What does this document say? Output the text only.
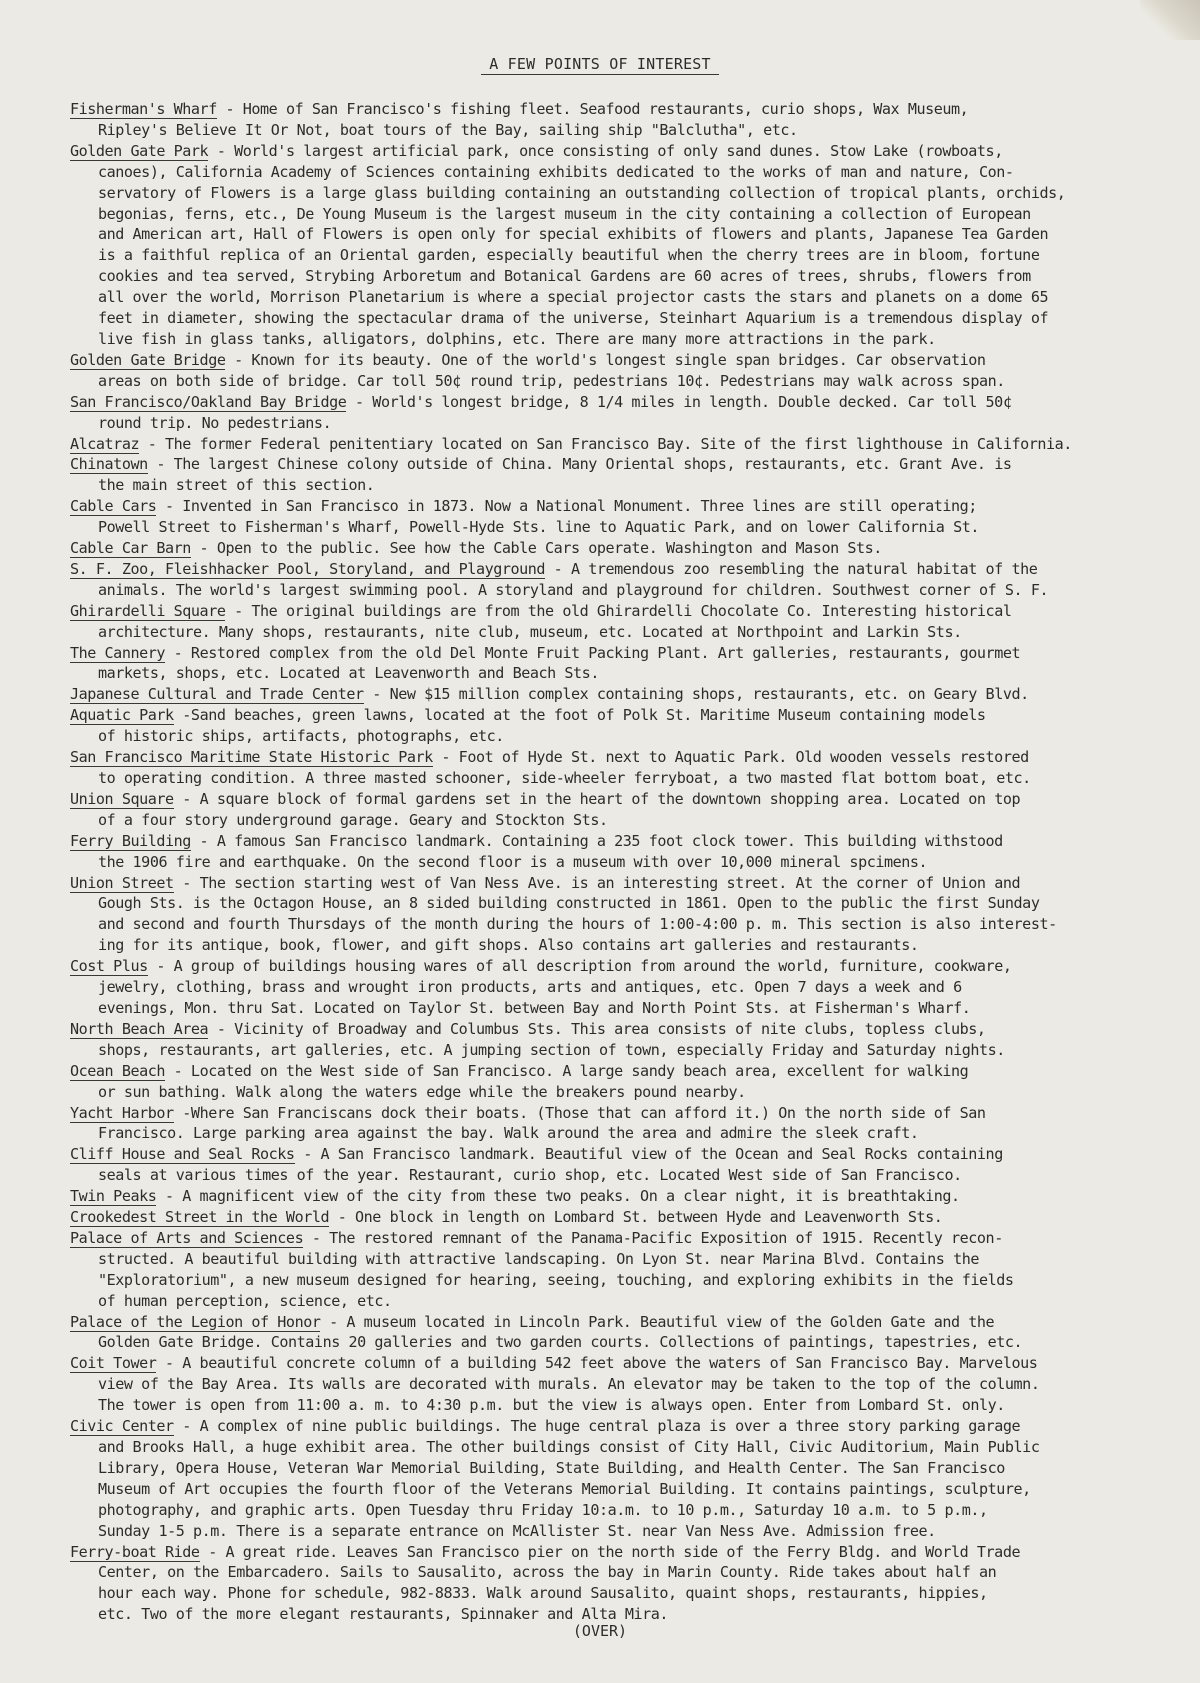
A FEW POINTS OF INTEREST

Fisherman's Wharf - Home of San Francisco's fishing fleet. Seafood restaurants, curio shops, Wax Museum,
Ripley's Believe It Or Not, boat tours of the Bay, sailing ship "Balclutha", etc.

Golden Gate Park - World's largest artificial park, once consisting of only sand dunes. Stow Lake (rowboats,
canoes), California Academy of Sciences containing exhibits dedicated to the works of man and nature, Con-
servatory of Flowers is a large glass building containing an outstanding collection of tropical plants, orchids,
begonias, ferns, etc., De Young Museum is the largest museum in the city containing a collection of European
and American art, Hall of Flowers is open only for special exhibits of flowers and plants, Japanese Tea Garden
is a faithful replica of an Oriental garden, especially beautiful when the cherry trees are in bloom, fortune
cookies and tea served, Strybing Arboretum and Botanical Gardens are 60 acres of trees, shrubs, flowers from
all over the world, Morrison Planetarium is where a special projector casts the stars and planets on a dome 65
feet in diameter, showing the spectacular drama of the universe, Steinhart Aquarium is a tremendous display of
live fish in glass tanks, alligators, dolphins, etc. There are many more attractions in the park.

Golden Gate Bridge - Known for its beauty. One of the world's longest single span bridges. Car observation
areas on both side of bridge. Car toll 50¢ round trip, pedestrians 10¢. Pedestrians may walk across span.

San Francisco/Oakland Bay Bridge - World's longest bridge, 8 1/4 miles in length. Double decked. Car toll 50¢
round trip. No pedestrians.

Alcatraz - The former Federal penitentiary located on San Francisco Bay. Site of the first lighthouse in California.

Chinatown - The largest Chinese colony outside of China. Many Oriental shops, restaurants, etc. Grant Ave. is
the main street of this section.

Cable Cars - Invented in San Francisco in 1873. Now a National Monument. Three lines are still operating;
Powell Street to Fisherman's Wharf, Powell-Hyde Sts. line to Aquatic Park, and on lower California St.

Cable Car Barn - Open to the public. See how the Cable Cars operate. Washington and Mason Sts.

S. F. Zoo, Fleishhacker Pool, Storyland, and Playground - A tremendous zoo resembling the natural habitat of the
animals. The world's largest swimming pool. A storyland and playground for children. Southwest corner of S. F.

Ghirardelli Square - The original buildings are from the old Ghirardelli Chocolate Co. Interesting historical
architecture. Many shops, restaurants, nite club, museum, etc. Located at Northpoint and Larkin Sts.

The Cannery - Restored complex from the old Del Monte Fruit Packing Plant. Art galleries, restaurants, gourmet
markets, shops, etc. Located at Leavenworth and Beach Sts.

Japanese Cultural and Trade Center - New $15 million complex containing shops, restaurants, etc. on Geary Blvd.

Aquatic Park -Sand beaches, green lawns, located at the foot of Polk St. Maritime Museum containing models
of historic ships, artifacts, photographs, etc.

San Francisco Maritime State Historic Park - Foot of Hyde St. next to Aquatic Park. Old wooden vessels restored
to operating condition. A three masted schooner, side-wheeler ferryboat, a two masted flat bottom boat, etc.

Union Square - A square block of formal gardens set in the heart of the downtown shopping area. Located on top
of a four story underground garage. Geary and Stockton Sts.

Ferry Building - A famous San Francisco landmark. Containing a 235 foot clock tower. This building withstood
the 1906 fire and earthquake. On the second floor is a museum with over 10,000 mineral spcimens.

Union Street - The section starting west of Van Ness Ave. is an interesting street. At the corner of Union and
Gough Sts. is the Octagon House, an 8 sided building constructed in 1861. Open to the public the first Sunday
and second and fourth Thursdays of the month during the hours of 1:00-4:00 p. m. This section is also interest-
ing for its antique, book, flower, and gift shops. Also contains art galleries and restaurants.

Cost Plus - A group of buildings housing wares of all description from around the world, furniture, cookware,
jewelry, clothing, brass and wrought iron products, arts and antiques, etc. Open 7 days a week and 6
evenings, Mon. thru Sat. Located on Taylor St. between Bay and North Point Sts. at Fisherman's Wharf.

North Beach Area - Vicinity of Broadway and Columbus Sts. This area consists of nite clubs, topless clubs,
shops, restaurants, art galleries, etc. A jumping section of town, especially Friday and Saturday nights.

Ocean Beach - Located on the West side of San Francisco. A large sandy beach area, excellent for walking
or sun bathing. Walk along the waters edge while the breakers pound nearby.

Yacht Harbor -Where San Franciscans dock their boats. (Those that can afford it.) On the north side of San
Francisco. Large parking area against the bay. Walk around the area and admire the sleek craft.

Cliff House and Seal Rocks - A San Francisco landmark. Beautiful view of the Ocean and Seal Rocks containing
seals at various times of the year. Restaurant, curio shop, etc. Located West side of San Francisco.

Twin Peaks - A magnificent view of the city from these two peaks. On a clear night, it is breathtaking.

Crookedest Street in the World - One block in length on Lombard St. between Hyde and Leavenworth Sts.

Palace of Arts and Sciences - The restored remnant of the Panama-Pacific Exposition of 1915. Recently recon-
structed. A beautiful building with attractive landscaping. On Lyon St. near Marina Blvd. Contains the
"Exploratorium", a new museum designed for hearing, seeing, touching, and exploring exhibits in the fields
of human perception, science, etc.

Palace of the Legion of Honor - A museum located in Lincoln Park. Beautiful view of the Golden Gate and the
Golden Gate Bridge. Contains 20 galleries and two garden courts. Collections of paintings, tapestries, etc.

Coit Tower - A beautiful concrete column of a building 542 feet above the waters of San Francisco Bay. Marvelous
view of the Bay Area. Its walls are decorated with murals. An elevator may be taken to the top of the column.
The tower is open from 11:00 a. m. to 4:30 p.m. but the view is always open. Enter from Lombard St. only.

Civic Center - A complex of nine public buildings. The huge central plaza is over a three story parking garage
and Brooks Hall, a huge exhibit area. The other buildings consist of City Hall, Civic Auditorium, Main Public
Library, Opera House, Veteran War Memorial Building, State Building, and Health Center. The San Francisco
Museum of Art occupies the fourth floor of the Veterans Memorial Building. It contains paintings, sculpture,
photography, and graphic arts. Open Tuesday thru Friday 10:a.m. to 10 p.m., Saturday 10 a.m. to 5 p.m.,
Sunday 1-5 p.m. There is a separate entrance on McAllister St. near Van Ness Ave. Admission free.

Ferry-boat Ride - A great ride. Leaves San Francisco pier on the north side of the Ferry Bldg. and World Trade
Center, on the Embarcadero. Sails to Sausalito, across the bay in Marin County. Ride takes about half an
hour each way. Phone for schedule, 982-8833. Walk around Sausalito, quaint shops, restaurants, hippies,
etc. Two of the more elegant restaurants, Spinnaker and Alta Mira.

(OVER)
